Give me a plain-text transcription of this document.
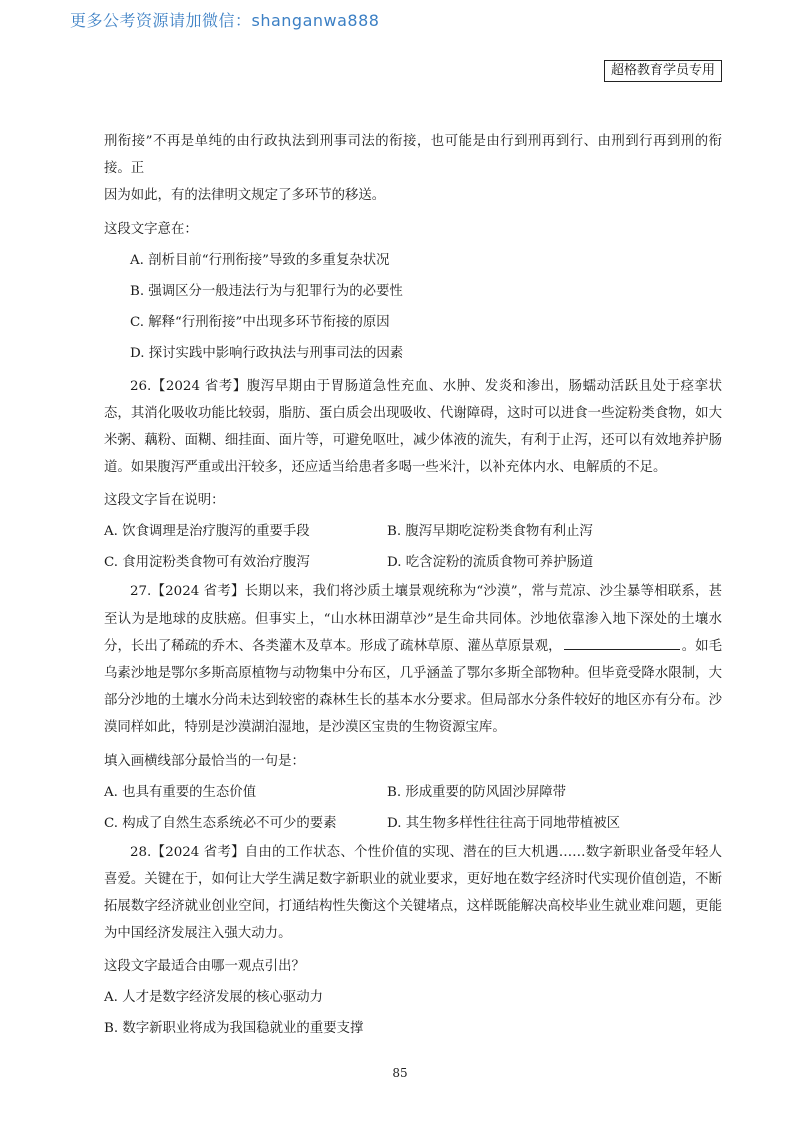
更多公考资源请加微信：shanganwa888
超格教育学员专用

刑衔接”不再是单纯的由行政执法到刑事司法的衔接，也可能是由行到刑再到行、由刑到行再到刑的衔接。正

因为如此，有的法律明文规定了多环节的移送。

这段文字意在：
A. 剖析目前“行刑衔接”导致的多重复杂状况
B. 强调区分一般违法行为与犯罪行为的必要性
C. 解释“行刑衔接”中出现多环节衔接的原因
D. 探讨实践中影响行政执法与刑事司法的因素

26.【2024 省考】腹泻早期由于胃肠道急性充血、水肿、发炎和渗出，肠蠕动活跃且处于痉挛状态，其消化吸收功能比较弱，脂肪、蛋白质会出现吸收、代谢障碍，这时可以进食一些淀粉类食物，如大米粥、藕粉、面糊、细挂面、面片等，可避免呕吐，减少体液的流失，有利于止泻，还可以有效地养护肠道。如果腹泻严重或出汗较多，还应适当给患者多喝一些米汁，以补充体内水、电解质的不足。

这段文字旨在说明：
A. 饮食调理是治疗腹泻的重要手段	B. 腹泻早期吃淀粉类食物有利止泻
C. 食用淀粉类食物可有效治疗腹泻	D. 吃含淀粉的流质食物可养护肠道

27.【2024 省考】长期以来，我们将沙质土壤景观统称为“沙漠”，常与荒凉、沙尘暴等相联系，甚至认为是地球的皮肤癌。但事实上，“山水林田湖草沙”是生命共同体。沙地依靠渗入地下深处的土壤水分，长出了稀疏的乔木、各类灌木及草本。形成了疏林草原、灌丛草原景观，	。如毛乌素沙地是鄂尔多斯高原植物与动物集中分布区，几乎涵盖了鄂尔多斯全部物种。但毕竟受降水限制，大部分沙地的土壤水分尚未达到较密的森林生长的基本水分要求。但局部水分条件较好的地区亦有分布。沙漠同样如此，特别是沙漠湖泊湿地，是沙漠区宝贵的生物资源宝库。

填入画横线部分最恰当的一句是：
A. 也具有重要的生态价值	B. 形成重要的防风固沙屏障带
C. 构成了自然生态系统必不可少的要素	D. 其生物多样性往往高于同地带植被区

28.【2024 省考】自由的工作状态、个性价值的实现、潜在的巨大机遇……数字新职业备受年轻人喜爱。关键在于，如何让大学生满足数字新职业的就业要求，更好地在数字经济时代实现价值创造，不断拓展数字经济就业创业空间，打通结构性失衡这个关键堵点，这样既能解决高校毕业生就业难问题，更能为中国经济发展注入强大动力。

这段文字最适合由哪一观点引出？
A. 人才是数字经济发展的核心驱动力
B. 数字新职业将成为我国稳就业的重要支撑
85
